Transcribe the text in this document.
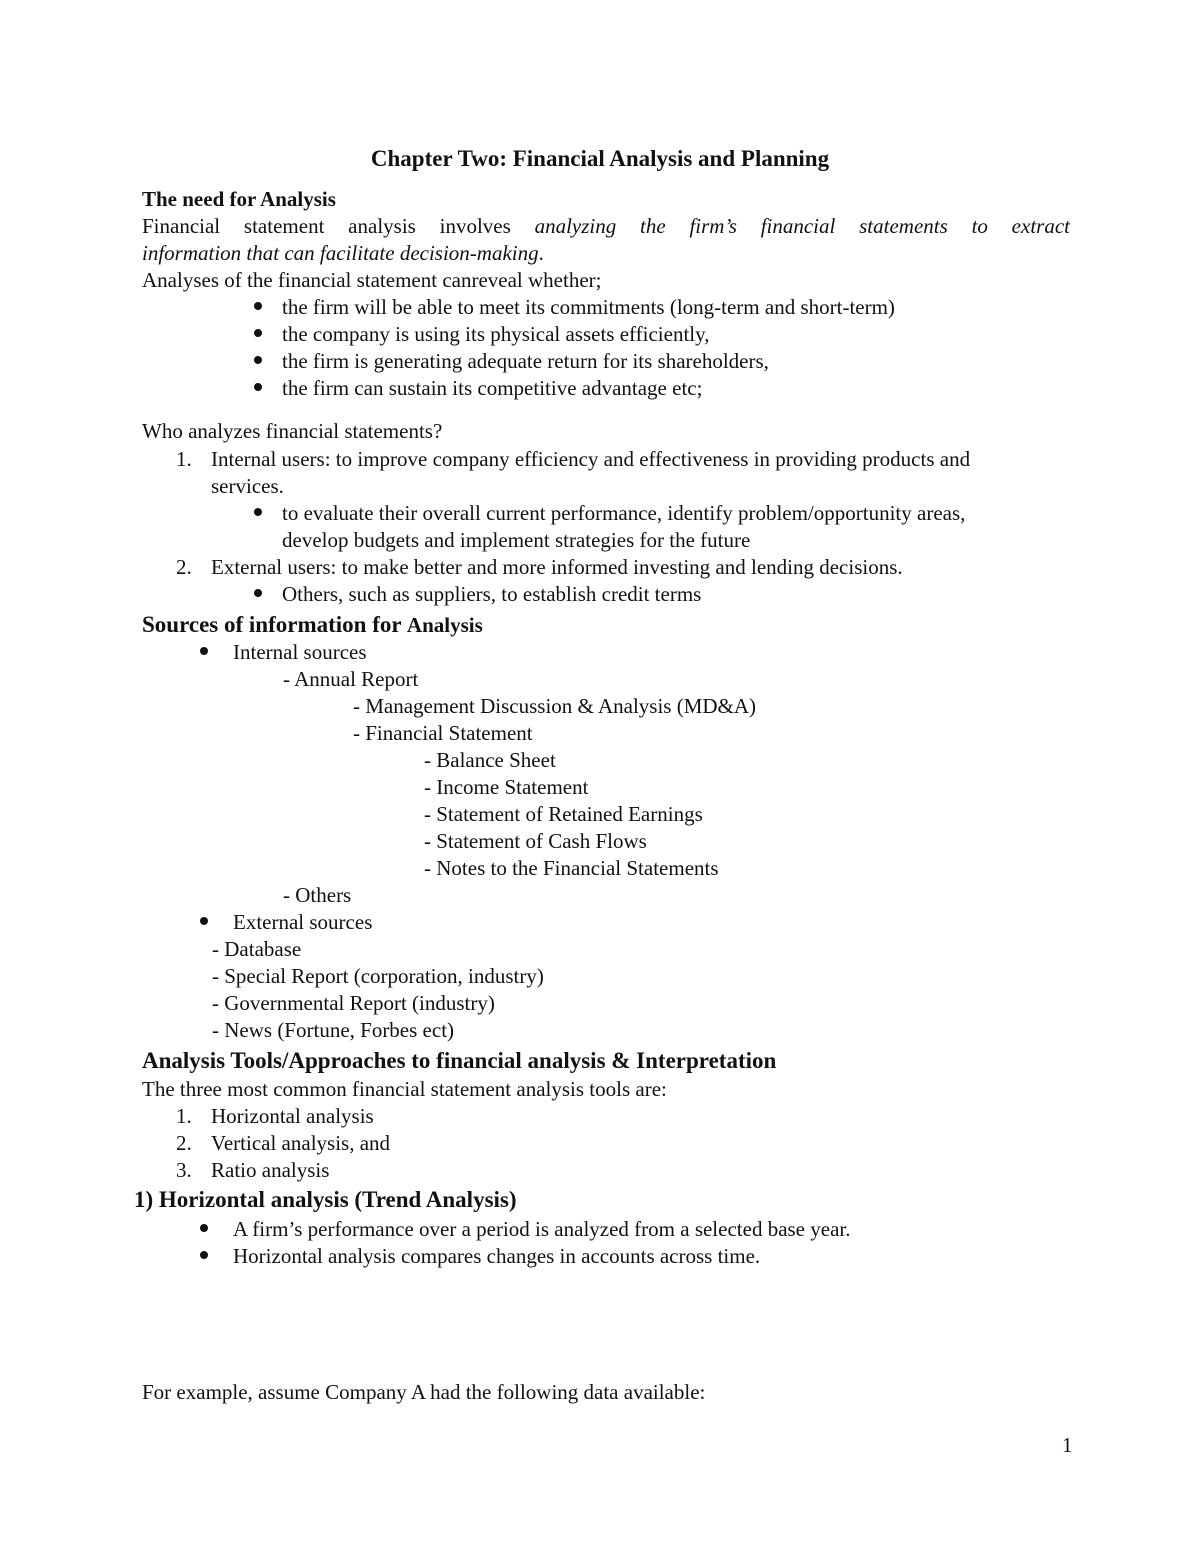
Chapter Two: Financial Analysis and Planning
The need for Analysis
Financial statement analysis involves analyzing the firm’s financial statements to extract
information that can facilitate decision-making.
Analyses of the financial statement canreveal whether;
the firm will be able to meet its commitments (long-term and short-term)
the company is using its physical assets efficiently,
the firm is generating adequate return for its shareholders,
the firm can sustain its competitive advantage etc;
Who analyzes financial statements?
1. Internal users: to improve company efficiency and effectiveness in providing products and
services.
to evaluate their overall current performance, identify problem/opportunity areas,
develop budgets and implement strategies for the future
2. External users: to make better and more informed investing and lending decisions.
Others, such as suppliers, to establish credit terms
Sources of information for Analysis
Internal sources
- Annual Report
- Management Discussion & Analysis (MD&A)
- Financial Statement
- Balance Sheet
- Income Statement
- Statement of Retained Earnings
- Statement of Cash Flows
- Notes to the Financial Statements
- Others
External sources
- Database
- Special Report (corporation, industry)
- Governmental Report (industry)
- News (Fortune, Forbes ect)
Analysis Tools/Approaches to financial analysis & Interpretation
The three most common financial statement analysis tools are:
1. Horizontal analysis
2. Vertical analysis, and
3. Ratio analysis
1) Horizontal analysis (Trend Analysis)
A firm’s performance over a period is analyzed from a selected base year.
Horizontal analysis compares changes in accounts across time.
For example, assume Company A had the following data available:
1
